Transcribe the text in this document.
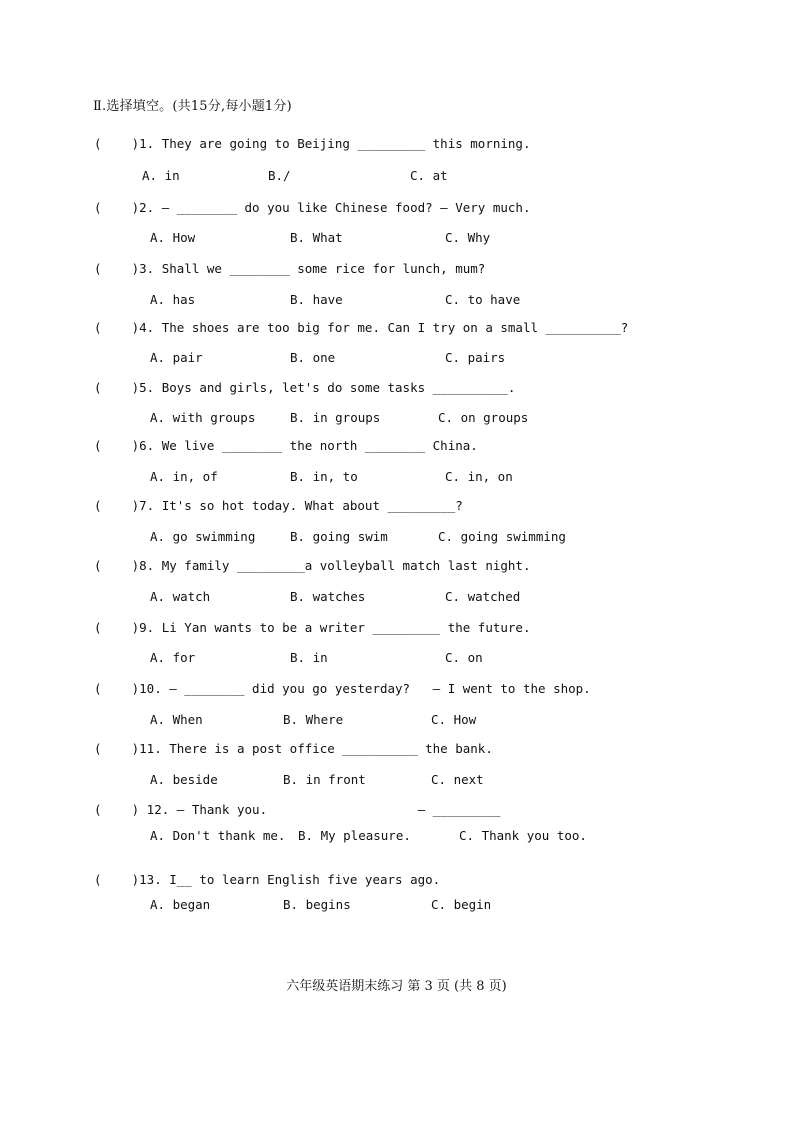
Ⅱ.选择填空。(共15分,每小题1分)
(    )1. They are going to Beijing _________ this morning.
A. in	B./	C. at
(    )2. — ________ do you like Chinese food? — Very much.
A. How	B. What	C. Why
(    )3. Shall we ________ some rice for lunch, mum?
A. has	B. have	C. to have
(    )4. The shoes are too big for me. Can I try on a small __________?
A. pair	B. one	C. pairs
(    )5. Boys and girls, let's do some tasks __________.
A. with groups	B. in groups	C. on groups
(    )6. We live ________ the north ________ China.
A. in, of	B. in, to	C. in, on
(    )7. It's so hot today. What about _________?
A. go swimming	B. going swim	C. going swimming
(    )8. My family _________a volleyball match last night.
A. watch	B. watches	C. watched
(    )9. Li Yan wants to be a writer _________ the future.
A. for	B. in	C. on
(    )10. — ________ did you go yesterday?   — I went to the shop.
A. When	B. Where	C. How
(    )11. There is a post office __________ the bank.
A. beside	B. in front	C. next
(    ) 12. — Thank you.                    — _________
A. Don't thank me. B. My pleasure.	C. Thank you too.
(    )13. I__ to learn English five years ago.
A. began	B. begins	C. begin
六年级英语期末练习 第 3 页 (共 8 页)
